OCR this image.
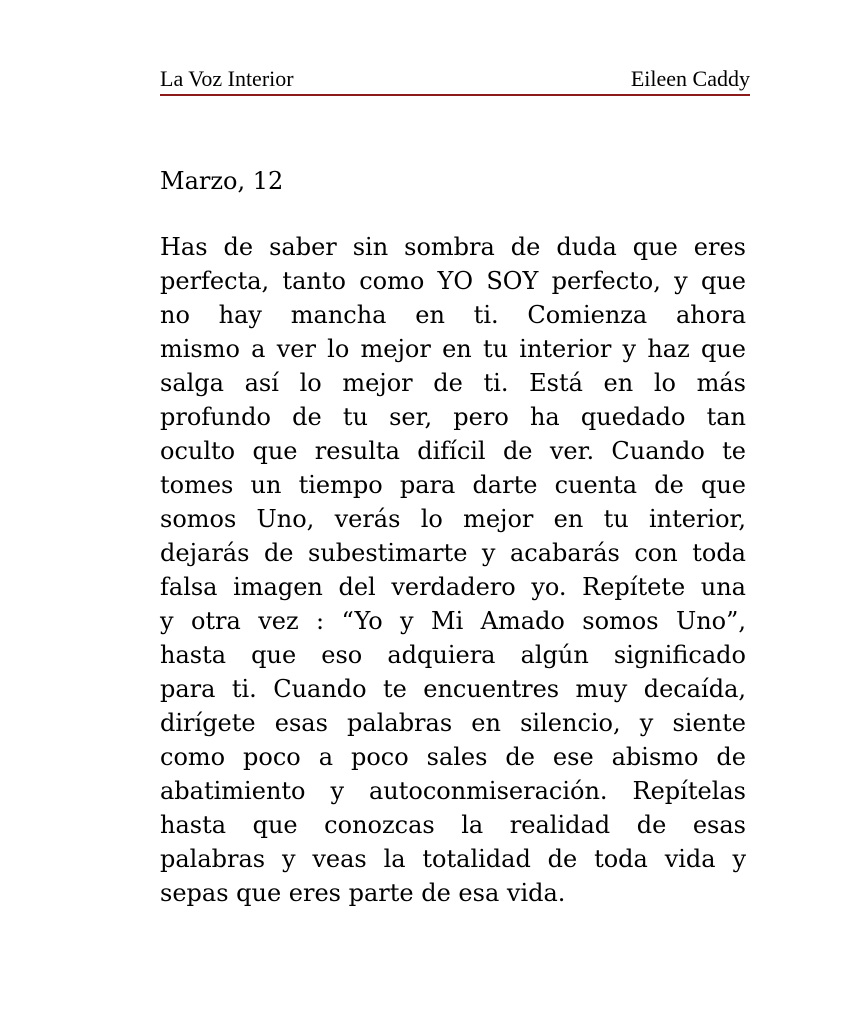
La Voz Interior	Eileen Caddy
Marzo, 12

Has de saber sin sombra de duda que eres
perfecta, tanto como YO SOY perfecto, y que
no hay mancha en ti. Comienza ahora
mismo a ver lo mejor en tu interior y haz que
salga así lo mejor de ti. Está en lo más
profundo de tu ser, pero ha quedado tan
oculto que resulta difícil de ver. Cuando te
tomes un tiempo para darte cuenta de que
somos Uno, verás lo mejor en tu interior,
dejarás de subestimarte y acabarás con toda
falsa imagen del verdadero yo. Repítete una
y otra vez : “Yo y Mi Amado somos Uno”,
hasta que eso adquiera algún significado
para ti. Cuando te encuentres muy decaída,
dirígete esas palabras en silencio, y siente
como poco a poco sales de ese abismo de
abatimiento y autoconmiseración. Repítelas
hasta que conozcas la realidad de esas
palabras y veas la totalidad de toda vida y
sepas que eres parte de esa vida.
